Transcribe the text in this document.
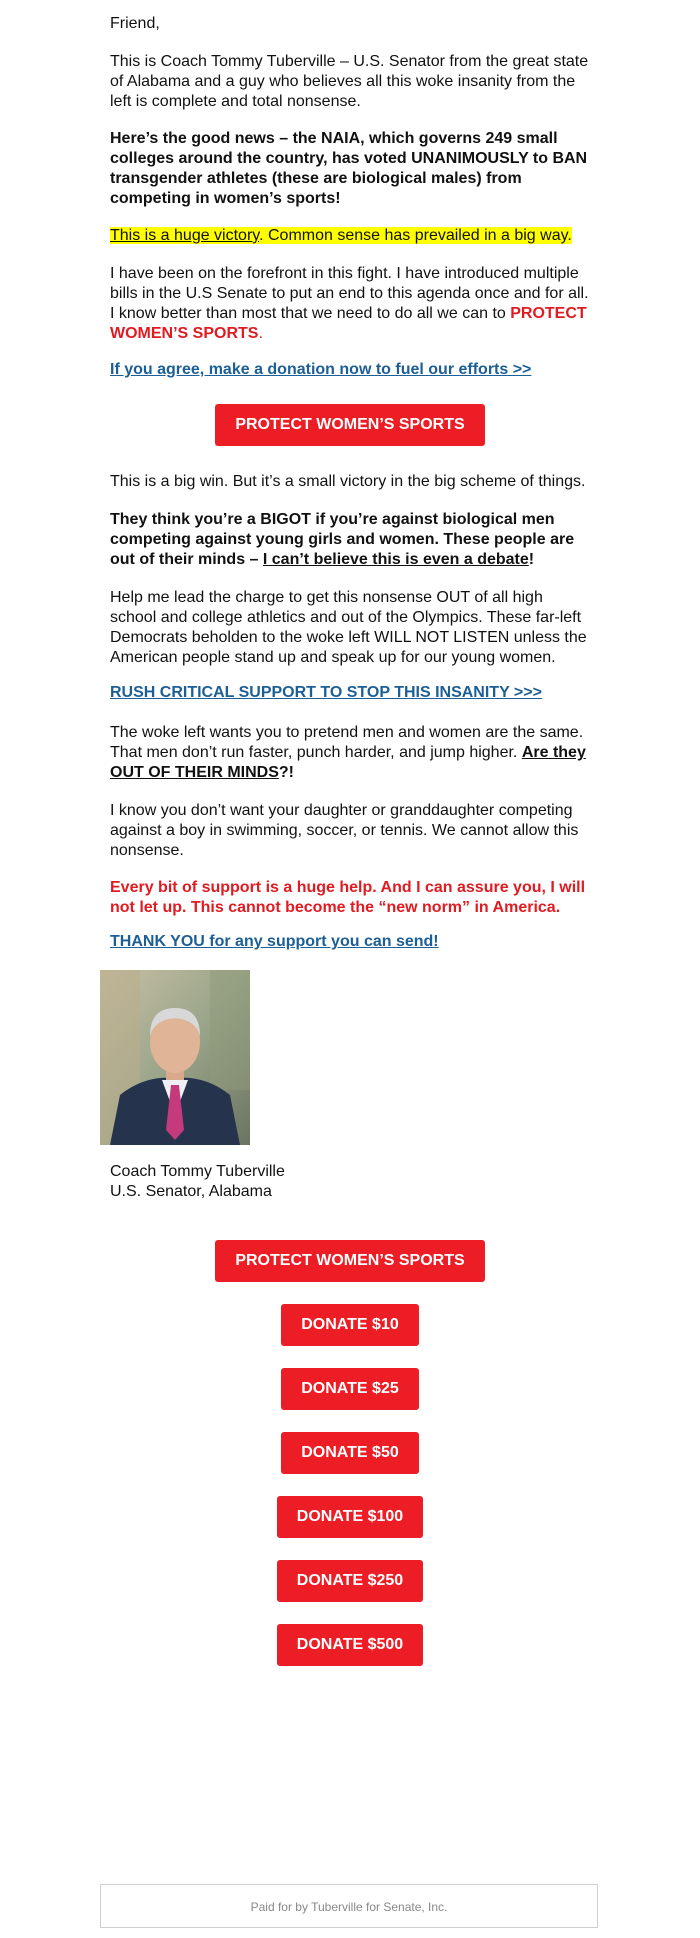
Friend,

This is Coach Tommy Tuberville – U.S. Senator from the great state of Alabama and a guy who believes all this woke insanity from the left is complete and total nonsense.

Here’s the good news – the NAIA, which governs 249 small colleges around the country, has voted UNANIMOUSLY to BAN transgender athletes (these are biological males) from competing in women’s sports!

This is a huge victory. Common sense has prevailed in a big way.

I have been on the forefront in this fight. I have introduced multiple bills in the U.S Senate to put an end to this agenda once and for all. I know better than most that we need to do all we can to PROTECT WOMEN’S SPORTS.

If you agree, make a donation now to fuel our efforts >>
PROTECT WOMEN’S SPORTS

This is a big win. But it’s a small victory in the big scheme of things.

They think you’re a BIGOT if you’re against biological men competing against young girls and women. These people are out of their minds – I can’t believe this is even a debate!

Help me lead the charge to get this nonsense OUT of all high school and college athletics and out of the Olympics. These far-left Democrats beholden to the woke left WILL NOT LISTEN unless the American people stand up and speak up for our young women.

RUSH CRITICAL SUPPORT TO STOP THIS INSANITY >>>

The woke left wants you to pretend men and women are the same. That men don’t run faster, punch harder, and jump higher. Are they OUT OF THEIR MINDS?!

I know you don’t want your daughter or granddaughter competing against a boy in swimming, soccer, or tennis. We cannot allow this nonsense.

Every bit of support is a huge help. And I can assure you, I will not let up. This cannot become the “new norm” in America.

THANK YOU for any support you can send!

Coach Tommy Tuberville

U.S. Senator, Alabama

PROTECT WOMEN’S SPORTS
DONATE $10
DONATE $25
DONATE $50
DONATE $100
DONATE $250
DONATE $500
Paid for by Tuberville for Senate, Inc.
